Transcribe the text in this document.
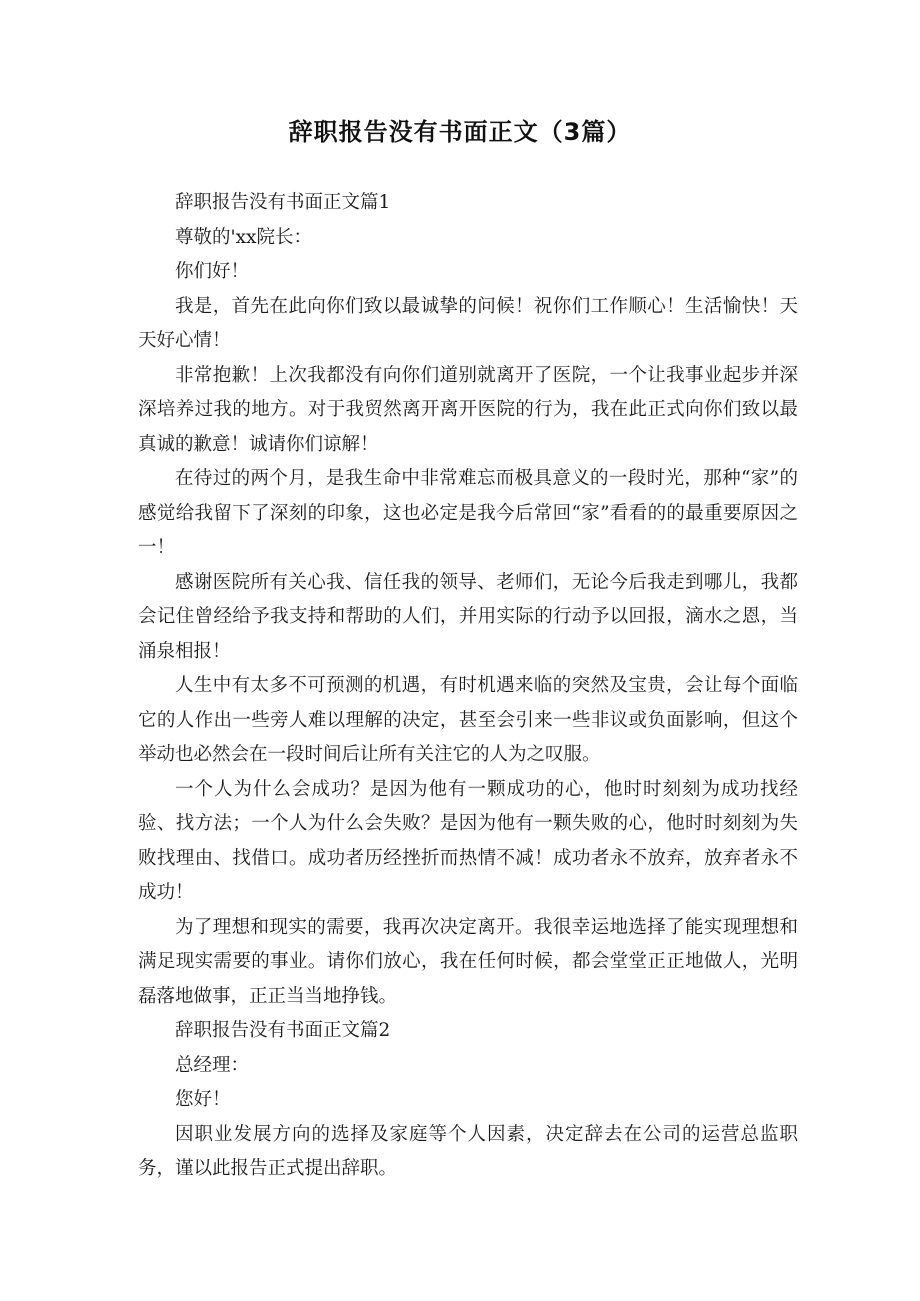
辞职报告没有书面正文（3篇）

辞职报告没有书面正文篇1

尊敬的'xx院长：

你们好！

我是，首先在此向你们致以最诚挚的问候！祝你们工作顺心！生活愉快！天天好心情！

非常抱歉！上次我都没有向你们道别就离开了医院，一个让我事业起步并深深培养过我的地方。对于我贸然离开离开医院的行为，我在此正式向你们致以最真诚的歉意！诚请你们谅解！

在待过的两个月，是我生命中非常难忘而极具意义的一段时光，那种“家”的感觉给我留下了深刻的印象，这也必定是我今后常回“家”看看的的最重要原因之一！

感谢医院所有关心我、信任我的领导、老师们，无论今后我走到哪儿，我都会记住曾经给予我支持和帮助的人们，并用实际的行动予以回报，滴水之恩，当涌泉相报！

人生中有太多不可预测的机遇，有时机遇来临的突然及宝贵，会让每个面临它的人作出一些旁人难以理解的决定，甚至会引来一些非议或负面影响，但这个举动也必然会在一段时间后让所有关注它的人为之叹服。

一个人为什么会成功？是因为他有一颗成功的心，他时时刻刻为成功找经验、找方法；一个人为什么会失败？是因为他有一颗失败的心，他时时刻刻为失败找理由、找借口。成功者历经挫折而热情不减！成功者永不放弃，放弃者永不成功！

为了理想和现实的需要，我再次决定离开。我很幸运地选择了能实现理想和满足现实需要的事业。请你们放心，我在任何时候，都会堂堂正正地做人，光明磊落地做事，正正当当地挣钱。

辞职报告没有书面正文篇2

总经理：

您好！

因职业发展方向的选择及家庭等个人因素，决定辞去在公司的运营总监职务，谨以此报告正式提出辞职。
